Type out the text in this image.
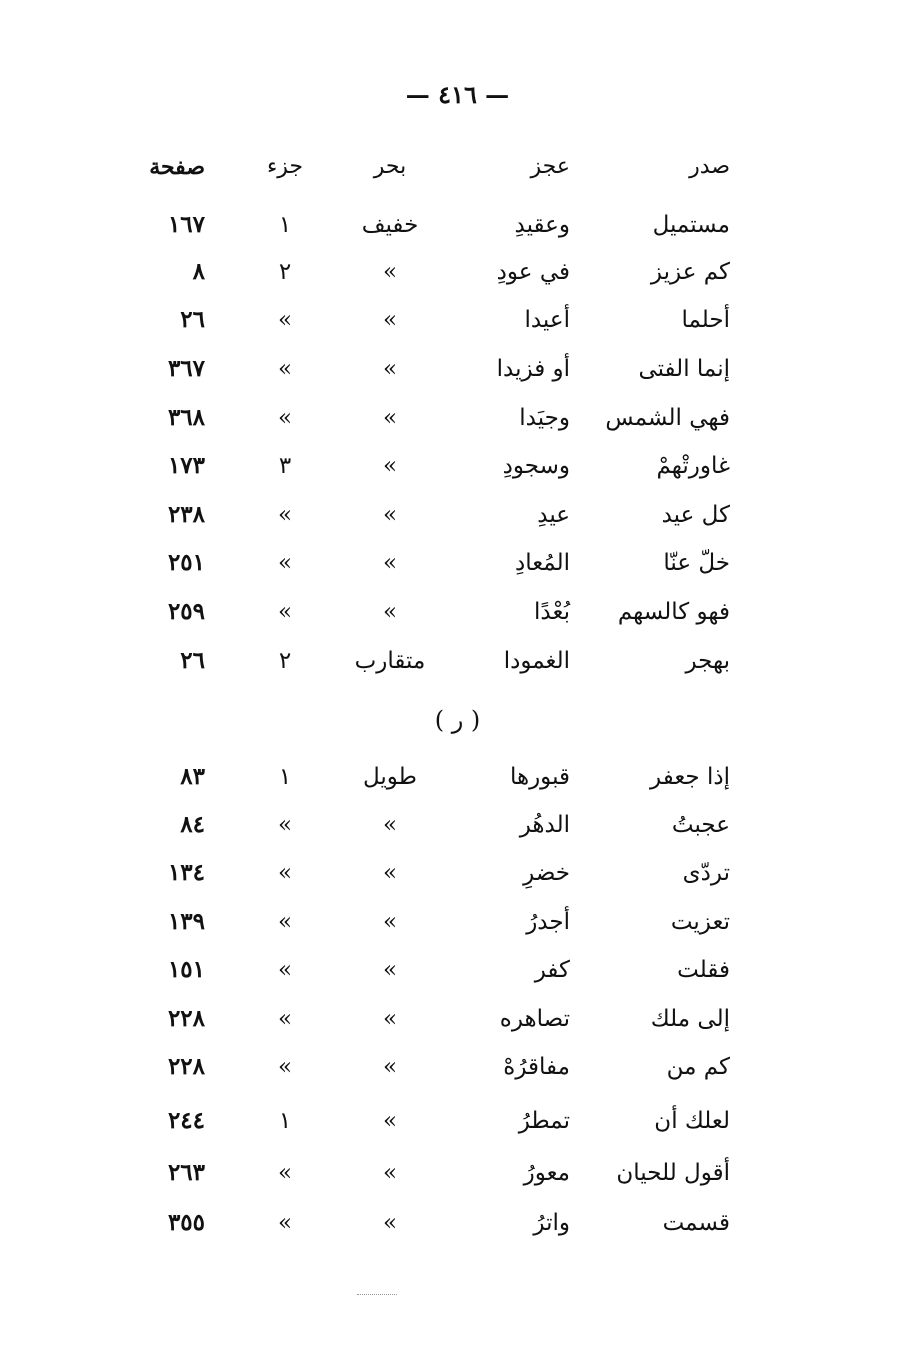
— ٤١٦ —
صدر
عجز
بحر
جزء
صفحة
مستميل
وعقيدِ
خفيف
١
١٦٧
كم عزيز
في عودِ
»
٢
٨
أحلما
أعيدا
»
»
٢٦
إنما الفتى
أو فزيدا
»
»
٣٦٧
فهي الشمس
وجيَدا
»
»
٣٦٨
غاورتْهمْ
وسجودِ
»
٣
١٧٣
كل عيد
عيدِ
»
»
٢٣٨
خلّ عنّا
المُعادِ
»
»
٢٥١
فهو كالسهم
بُعْدًا
»
»
٢٥٩
بهجر
الغمودا
متقارب
٢
٢٦
( ر )
إذا جعفر
قبورها
طويل
١
٨٣
عجبتُ
الدهُر
»
»
٨٤
تردّى
خضرِ
»
»
١٣٤
تعزيت
أجدرُ
»
»
١٣٩
فقلت
كفر
»
»
١٥١
إلى ملك
تصاهره
»
»
٢٢٨
كم من
مفاقرُهْ
»
»
٢٢٨
لعلك أن
تمطرُ
»
١
٢٤٤
أقول للحيان
معورُ
»
»
٢٦٣
قسمت
واترُ
»
»
٣٥٥
